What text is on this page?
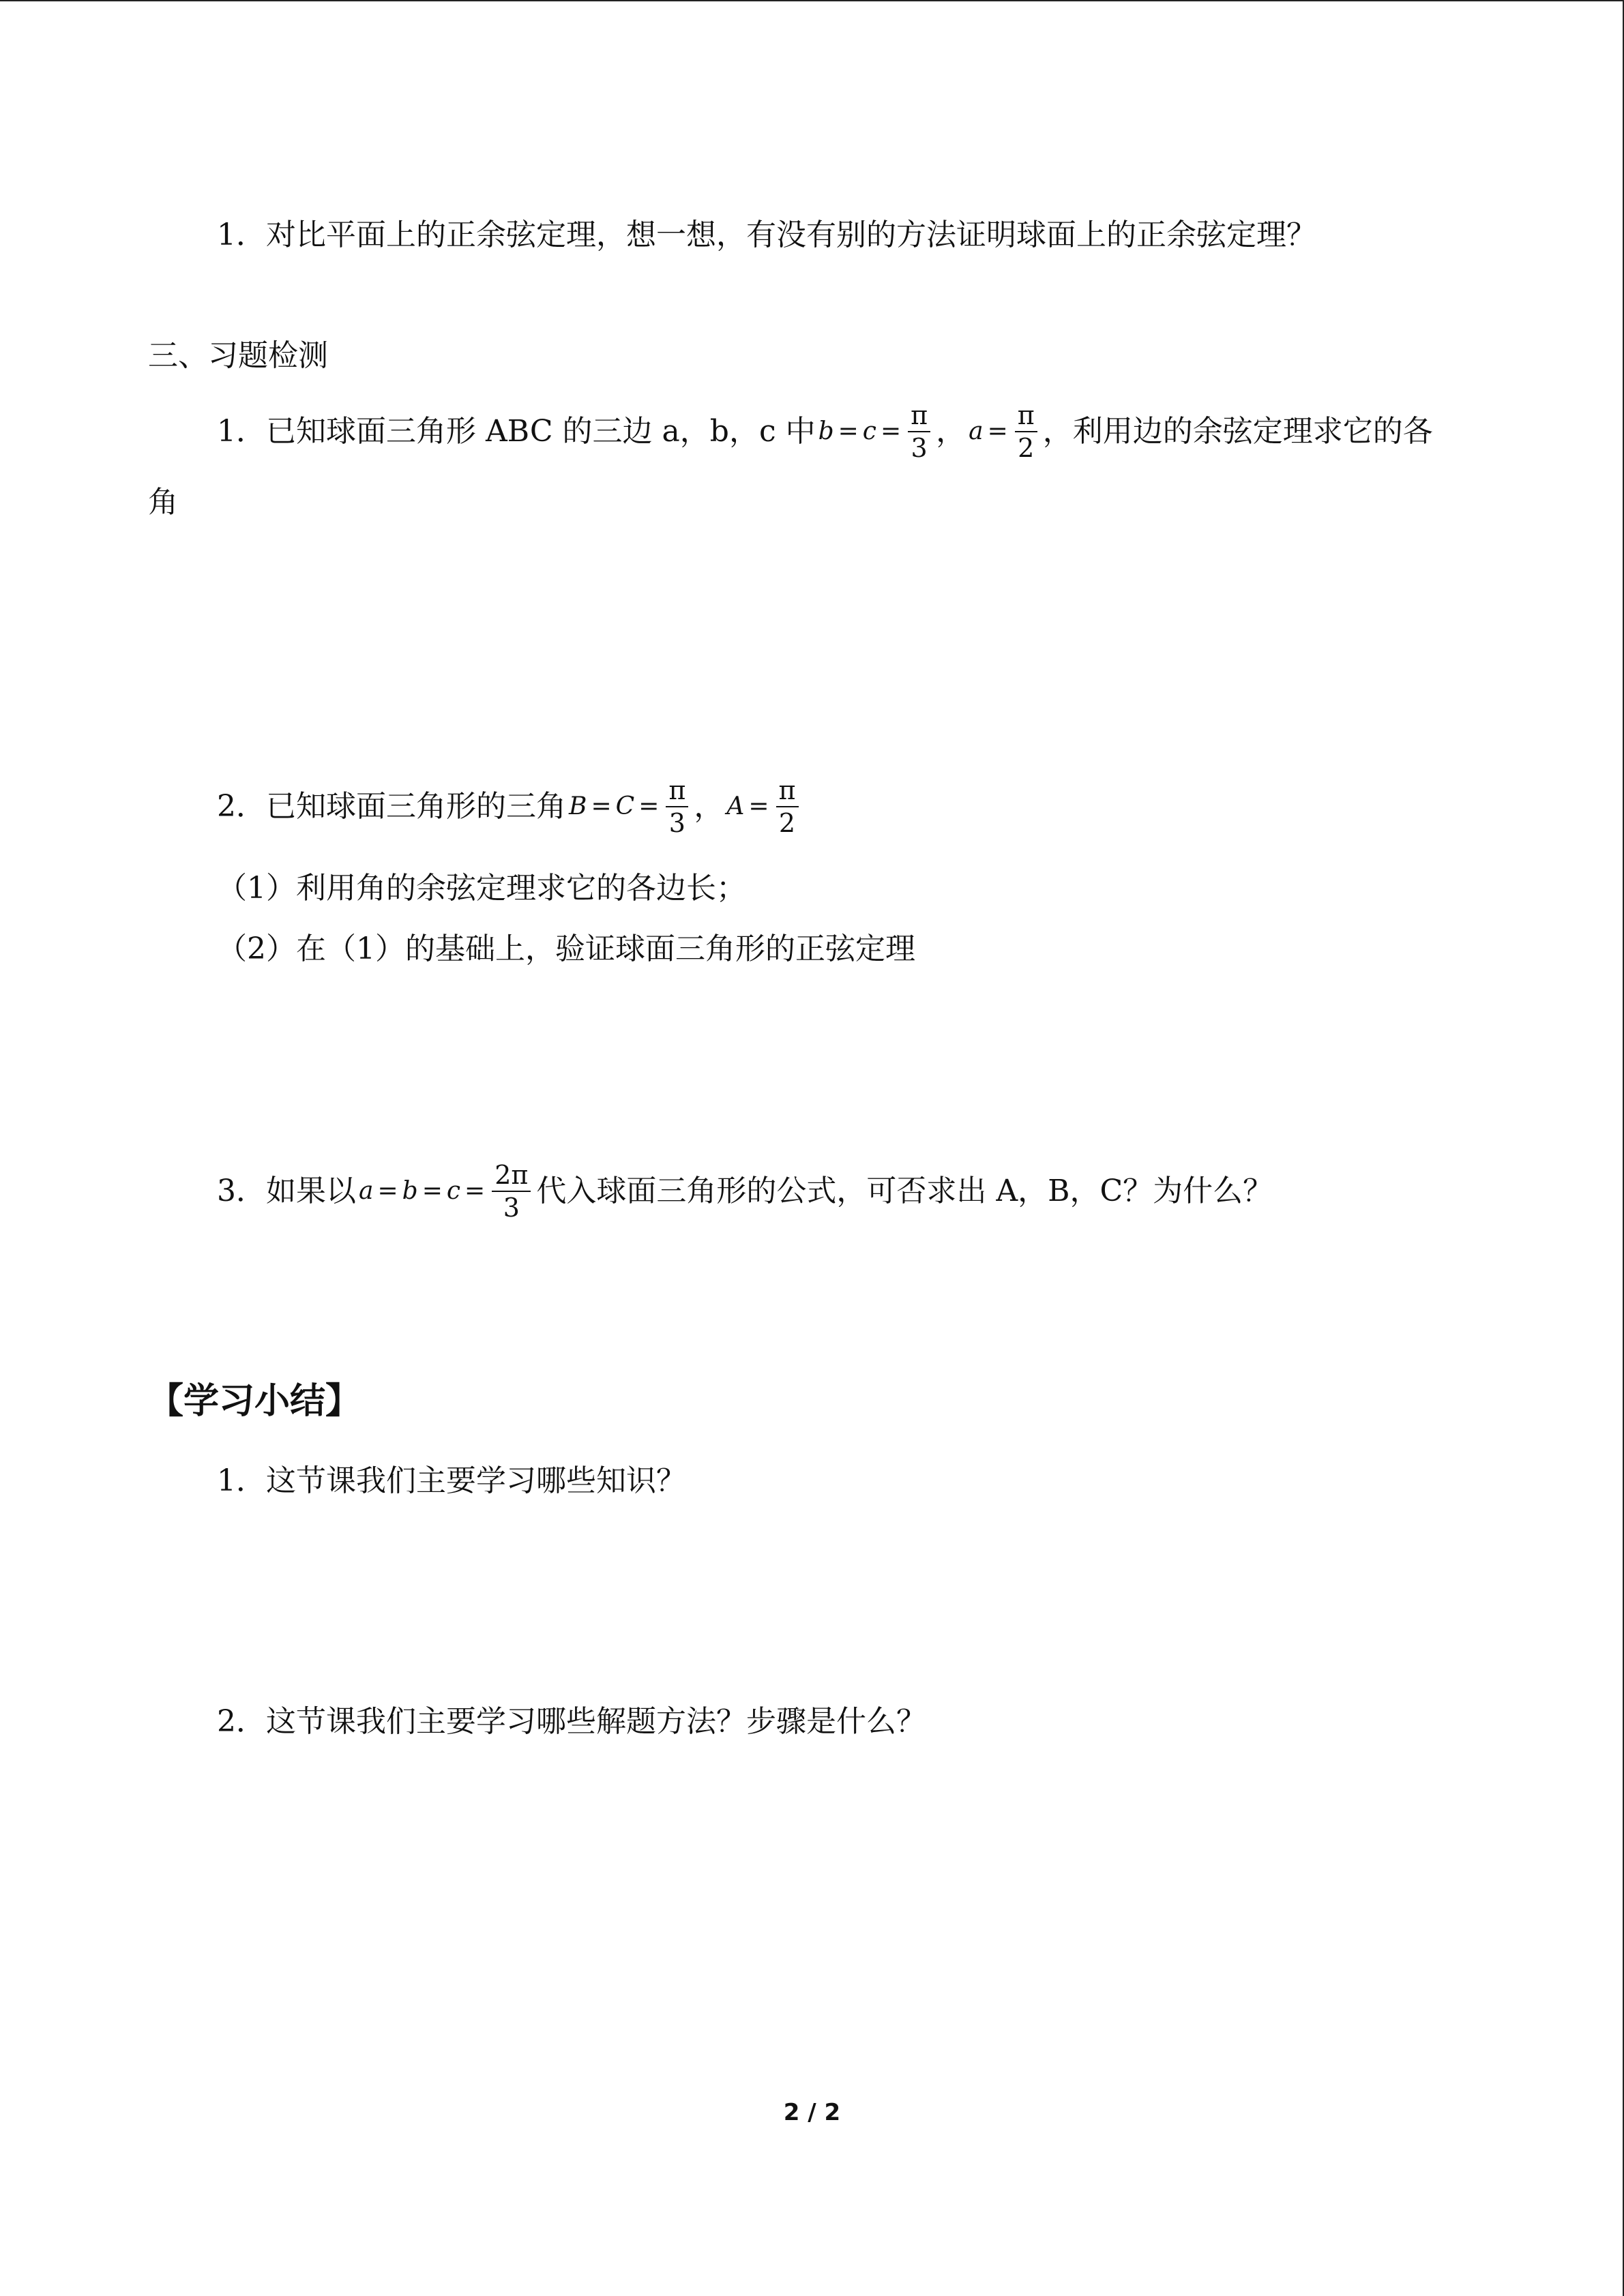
1．对比平面上的正余弦定理，想一想，有没有别的方法证明球面上的正余弦定理？
三、习题检测
1．已知球面三角形 ABC 的三边 a，b，c 中 $b = c = \frac{\pi}{3}$ ， $a = \frac{\pi}{2}$ ，利用边的余弦定理求它的各
角
2．已知球面三角形的三角 $B = C = \frac{\pi}{3}$ ， $A = \frac{\pi}{2}$
（1）利用角的余弦定理求它的各边长；
（2）在（1）的基础上，验证球面三角形的正弦定理
3．如果以 $a = b = c = \frac{2\pi}{3}$ 代入球面三角形的公式，可否求出 A，B，C？为什么？
【学习小结】
1．这节课我们主要学习哪些知识？
2．这节课我们主要学习哪些解题方法？步骤是什么？
2 / 2
